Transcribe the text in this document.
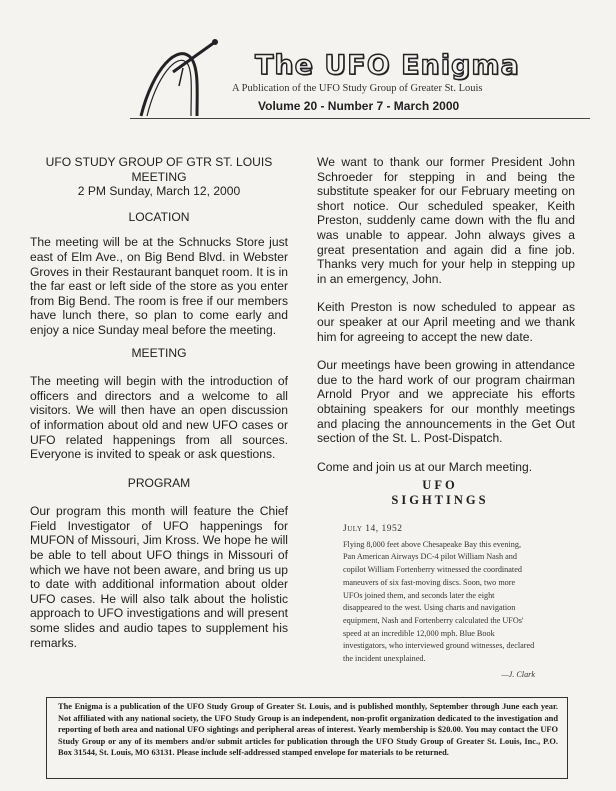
The UFO Enigma
A Publication of the UFO Study Group of Greater St. Louis
Volume 20 - Number 7 - March 2000

UFO STUDY GROUP OF GTR ST. LOUIS

MEETING

2 PM Sunday, March 12, 2000

LOCATION

The meeting will be at the Schnucks Store just east of Elm Ave., on Big Bend Blvd. in Webster Groves in their Restaurant banquet room. It is in the far east or left side of the store as you enter from Big Bend. The room is free if our members have lunch there, so plan to come early and enjoy a nice Sunday meal before the meeting.

MEETING

The meeting will begin with the introduction of officers and directors and a welcome to all visitors. We will then have an open discussion of information about old and new UFO cases or UFO related happenings from all sources. Everyone is invited to speak or ask questions.

PROGRAM

Our program this month will feature the Chief Field Investigator of UFO happenings for MUFON of Missouri, Jim Kross. We hope he will be able to tell about UFO things in Missouri of which we have not been aware, and bring us up to date with additional information about older UFO cases. He will also talk about the holistic approach to UFO investigations and will present some slides and audio tapes to supplement his remarks.

We want to thank our former President John Schroeder for stepping in and being the substitute speaker for our February meeting on short notice. Our scheduled speaker, Keith Preston, suddenly came down with the flu and was unable to appear. John always gives a great presentation and again did a fine job. Thanks very much for your help in stepping up in an emergency, John.

Keith Preston is now scheduled to appear as our speaker at our April meeting and we thank him for agreeing to accept the new date.

Our meetings have been growing in attendance due to the hard work of our program chairman Arnold Pryor and we appreciate his efforts obtaining speakers for our monthly meetings and placing the announcements in the Get Out section of the St. L. Post-Dispatch.

Come and join us at our March meeting.

UFO
SIGHTINGS
July 14, 1952
Flying 8,000 feet above Chesapeake Bay this evening, Pan American Airways DC-4 pilot William Nash and copilot William Fortenberry witnessed the coordinated maneuvers of six fast-moving discs. Soon, two more UFOs joined them, and seconds later the eight disappeared to the west. Using charts and navigation equipment, Nash and Fortenberry calculated the UFOs' speed at an incredible 12,000 mph. Blue Book investigators, who interviewed ground witnesses, declared the incident unexplained.
—J. Clark
The Enigma is a publication of the UFO Study Group of Greater St. Louis, and is published monthly, September through June each year. Not affiliated with any national society, the UFO Study Group is an independent, non-profit organization dedicated to the investigation and reporting of both area and national UFO sightings and peripheral areas of interest. Yearly membership is $20.00. You may contact the UFO Study Group or any of its members and/or submit articles for publication through the UFO Study Group of Greater St. Louis, Inc., P.O. Box 31544, St. Louis, MO 63131. Please include self-addressed stamped envelope for materials to be returned.
